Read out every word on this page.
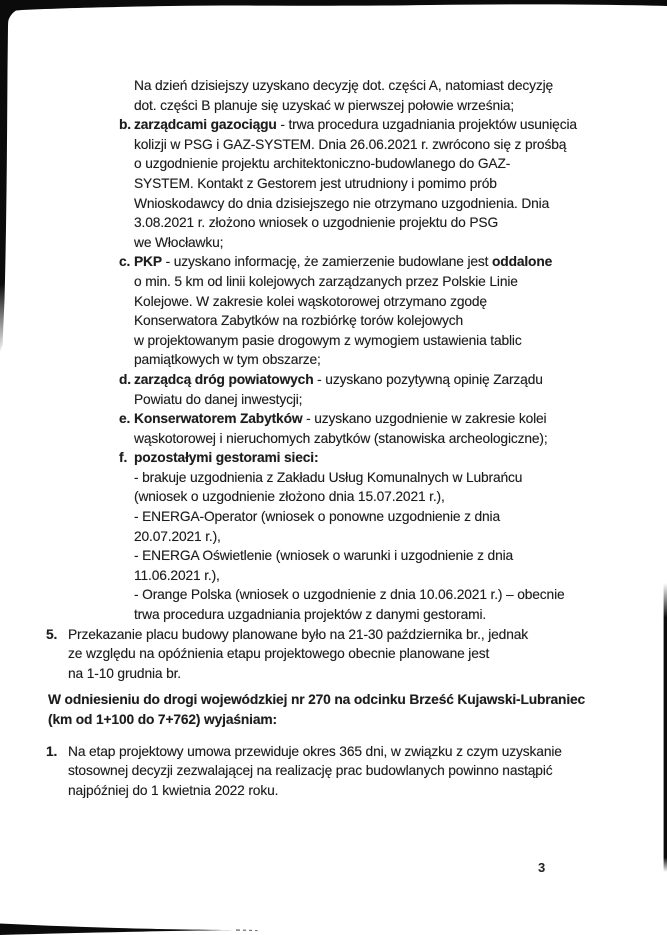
Na dzień dzisiejszy uzyskano decyzję dot. części A, natomiast decyzję
dot. części B planuje się uzyskać w pierwszej połowie września;
b. zarządcami gazociągu - trwa procedura uzgadniania projektów usunięcia
kolizji w PSG i GAZ-SYSTEM. Dnia 26.06.2021 r. zwrócono się z prośbą
o uzgodnienie projektu architektoniczno-budowlanego do GAZ-
SYSTEM. Kontakt z Gestorem jest utrudniony i pomimo prób
Wnioskodawcy do dnia dzisiejszego nie otrzymano uzgodnienia. Dnia
3.08.2021 r. złożono wniosek o uzgodnienie projektu do PSG
we Włocławku;
c. PKP - uzyskano informację, że zamierzenie budowlane jest oddalone
o min. 5 km od linii kolejowych zarządzanych przez Polskie Linie
Kolejowe. W zakresie kolei wąskotorowej otrzymano zgodę
Konserwatora Zabytków na rozbiórkę torów kolejowych
w projektowanym pasie drogowym z wymogiem ustawienia tablic
pamiątkowych w tym obszarze;
d. zarządcą dróg powiatowych - uzyskano pozytywną opinię Zarządu
Powiatu do danej inwestycji;
e. Konserwatorem Zabytków - uzyskano uzgodnienie w zakresie kolei
wąskotorowej i nieruchomych zabytków (stanowiska archeologiczne);
f. pozostałymi gestorami sieci:
- brakuje uzgodnienia z Zakładu Usług Komunalnych w Lubrańcu
(wniosek o uzgodnienie złożono dnia 15.07.2021 r.),
- ENERGA-Operator (wniosek o ponowne uzgodnienie z dnia
20.07.2021 r.),
- ENERGA Oświetlenie (wniosek o warunki i uzgodnienie z dnia
11.06.2021 r.),
- Orange Polska (wniosek o uzgodnienie z dnia 10.06.2021 r.) – obecnie
trwa procedura uzgadniania projektów z danymi gestorami.
5. Przekazanie placu budowy planowane było na 21-30 października br., jednak
ze względu na opóźnienia etapu projektowego obecnie planowane jest
na 1-10 grudnia br.
W odniesieniu do drogi wojewódzkiej nr 270 na odcinku Brześć Kujawski-Lubraniec
(km od 1+100 do 7+762) wyjaśniam:
1. Na etap projektowy umowa przewiduje okres 365 dni, w związku z czym uzyskanie
stosownej decyzji zezwalającej na realizację prac budowlanych powinno nastąpić
najpóźniej do 1 kwietnia 2022 roku.
3
